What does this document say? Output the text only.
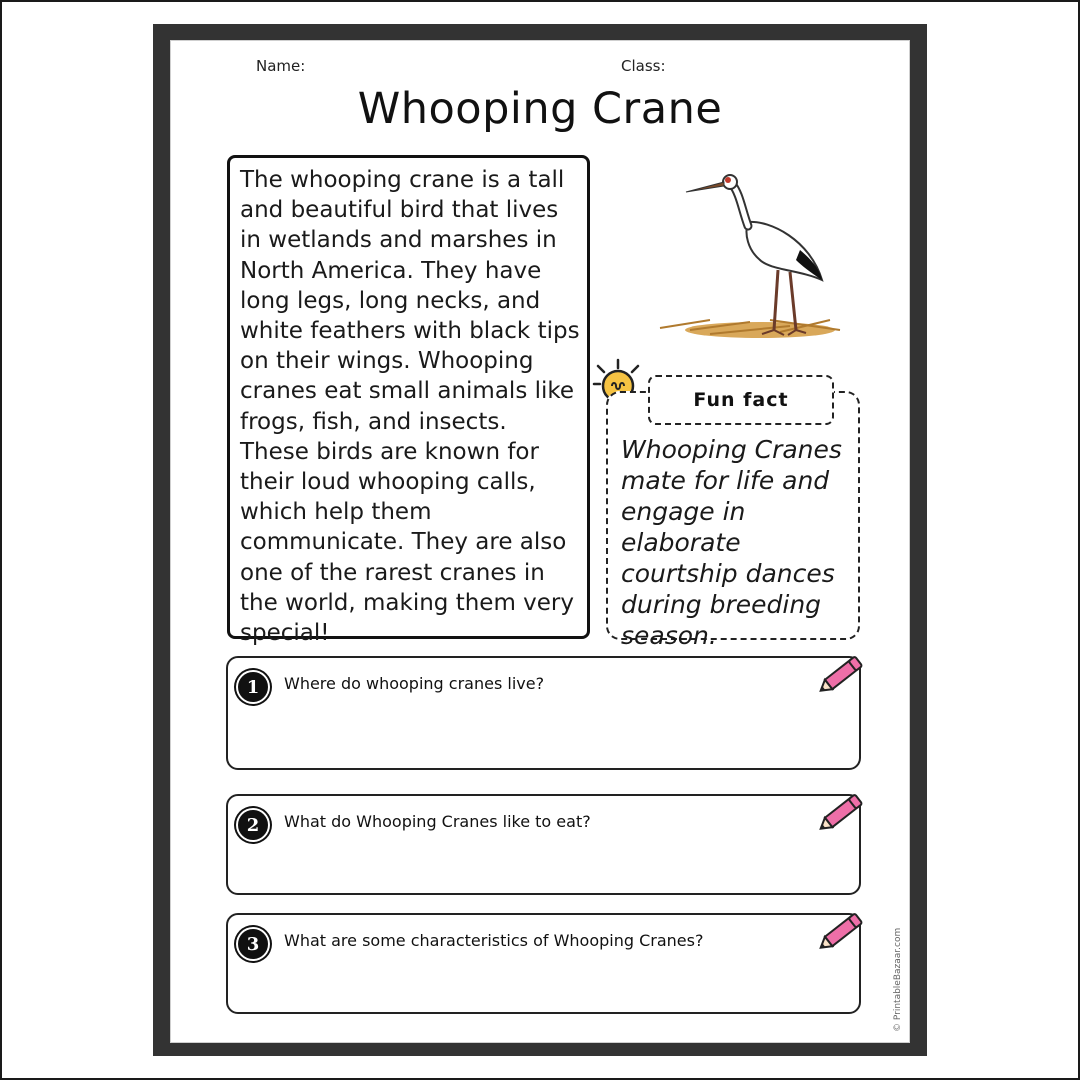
Name:	Class:
Whooping Crane

The whooping crane is a tall and beautiful bird that lives in wetlands and marshes in North America. They have long legs, long necks, and white feathers with black tips on their wings. Whooping cranes eat small animals like frogs, fish, and insects. These birds are known for their loud whooping calls, which help them communicate. They are also one of the rarest cranes in the world, making them very special!

Fun fact

Whooping Cranes mate for life and engage in elaborate courtship dances during breeding season.

1	Where do whooping cranes live?
2	What do Whooping Cranes like to eat?
3	What are some characteristics of Whooping Cranes?	© PrintableBazaar.com
